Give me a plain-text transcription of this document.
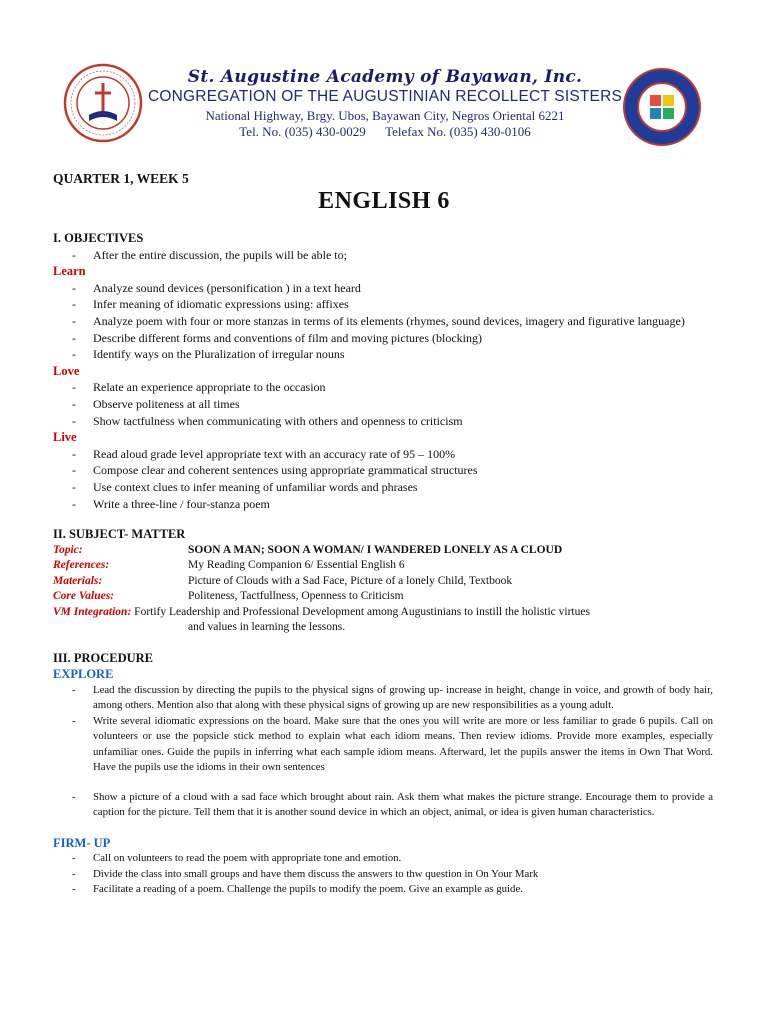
St. Augustine Academy of Bayawan, Inc.
CONGREGATION OF THE AUGUSTINIAN RECOLLECT SISTERS
National Highway, Brgy. Ubos, Bayawan City, Negros Oriental 6221
Tel. No. (035) 430-0029 Telefax No. (035) 430-0106
QUARTER 1, WEEK 5
ENGLISH 6

I. OBJECTIVES

- After the entire discussion, the pupils will be able to;

Learn

- Analyze sound devices (personification ) in a text heard
- Infer meaning of idiomatic expressions using: affixes
- Analyze poem with four or more stanzas in terms of its elements (rhymes, sound devices, imagery and figurative language)
- Describe different forms and conventions of film and moving pictures (blocking)
- Identify ways on the Pluralization of irregular nouns

Love

- Relate an experience appropriate to the occasion
- Observe politeness at all times
- Show tactfulness when communicating with others and openness to criticism

Live

- Read aloud grade level appropriate text with an accuracy rate of 95 – 100%
- Compose clear and coherent sentences using appropriate grammatical structures
- Use context clues to infer meaning of unfamiliar words and phrases
- Write a three-line / four-stanza poem

II. SUBJECT- MATTER

Topic:	SOON A MAN; SOON A WOMAN/ I WANDERED LONELY AS A CLOUD
References:	My Reading Companion 6/ Essential English 6
Materials:	Picture of Clouds with a Sad Face, Picture of a lonely Child, Textbook
Core Values:	Politeness, Tactfullness, Openness to Criticism
VM Integration: Fortify Leadership and Professional Development among Augustinians to instill the holistic virtues
and values in learning the lessons.

III. PROCEDURE

EXPLORE

- Lead the discussion by directing the pupils to the physical signs of growing up- increase in height, change in voice, and growth of body hair, among others. Mention also that along with these physical signs of growing up are new responsibilities as a young adult.
- Write several idiomatic expressions on the board. Make sure that the ones you will write are more or less familiar to grade 6 pupils. Call on volunteers or use the popsicle stick method to explain what each idiom means. Then review idioms. Provide more examples, especially unfamiliar ones. Guide the pupils in inferring what each sample idiom means. Afterward, let the pupils answer the items in Own That Word. Have the pupils use the idioms in their own sentences
- Show a picture of a cloud with a sad face which brought about rain. Ask them what makes the picture strange. Encourage them to provide a caption for the picture. Tell them that it is another sound device in which an object, animal, or idea is given human characteristics.

FIRM- UP

- Call on volunteers to read the poem with appropriate tone and emotion.
- Divide the class into small groups and have them discuss the answers to thw question in On Your Mark
- Facilitate a reading of a poem. Challenge the pupils to modify the poem. Give an example as guide.
